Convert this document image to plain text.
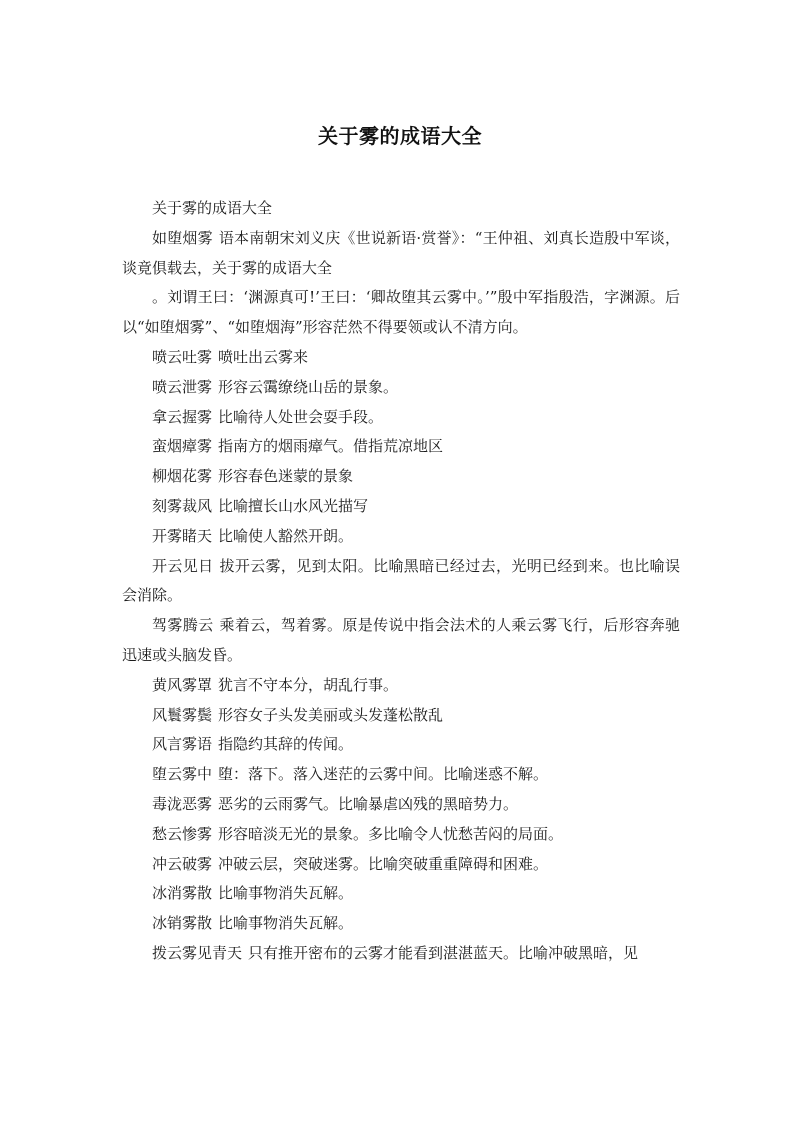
关于雾的成语大全

关于雾的成语大全

如堕烟雾 语本南朝宋刘义庆《世说新语·赏誉》：“王仲祖、刘真长造殷中军谈，谈竟俱载去，关于雾的成语大全

。刘谓王曰：‘渊源真可!’王曰：‘卿故堕其云雾中。’”殷中军指殷浩，字渊源。后以“如堕烟雾”、“如堕烟海”形容茫然不得要领或认不清方向。

喷云吐雾 喷吐出云雾来

喷云泄雾 形容云霭缭绕山岳的景象。

拿云握雾 比喻待人处世会耍手段。

蛮烟瘴雾 指南方的烟雨瘴气。借指荒凉地区

柳烟花雾 形容春色迷蒙的景象

刻雾裁风 比喻擅长山水风光描写

开雾睹天 比喻使人豁然开朗。

开云见日 拔开云雾，见到太阳。比喻黑暗已经过去，光明已经到来。也比喻误会消除。

驾雾腾云 乘着云，驾着雾。原是传说中指会法术的人乘云雾飞行，后形容奔驰迅速或头脑发昏。

黄风雾罩 犹言不守本分，胡乱行事。

风鬟雾鬓 形容女子头发美丽或头发蓬松散乱

风言雾语 指隐约其辞的传闻。

堕云雾中 堕：落下。落入迷茫的云雾中间。比喻迷惑不解。

毒泷恶雾 恶劣的云雨雾气。比喻暴虐凶残的黑暗势力。

愁云惨雾 形容暗淡无光的景象。多比喻令人忧愁苦闷的局面。

冲云破雾 冲破云层，突破迷雾。比喻突破重重障碍和困难。

冰消雾散 比喻事物消失瓦解。

冰销雾散 比喻事物消失瓦解。

拨云雾见青天 只有推开密布的云雾才能看到湛湛蓝天。比喻冲破黑暗，见
